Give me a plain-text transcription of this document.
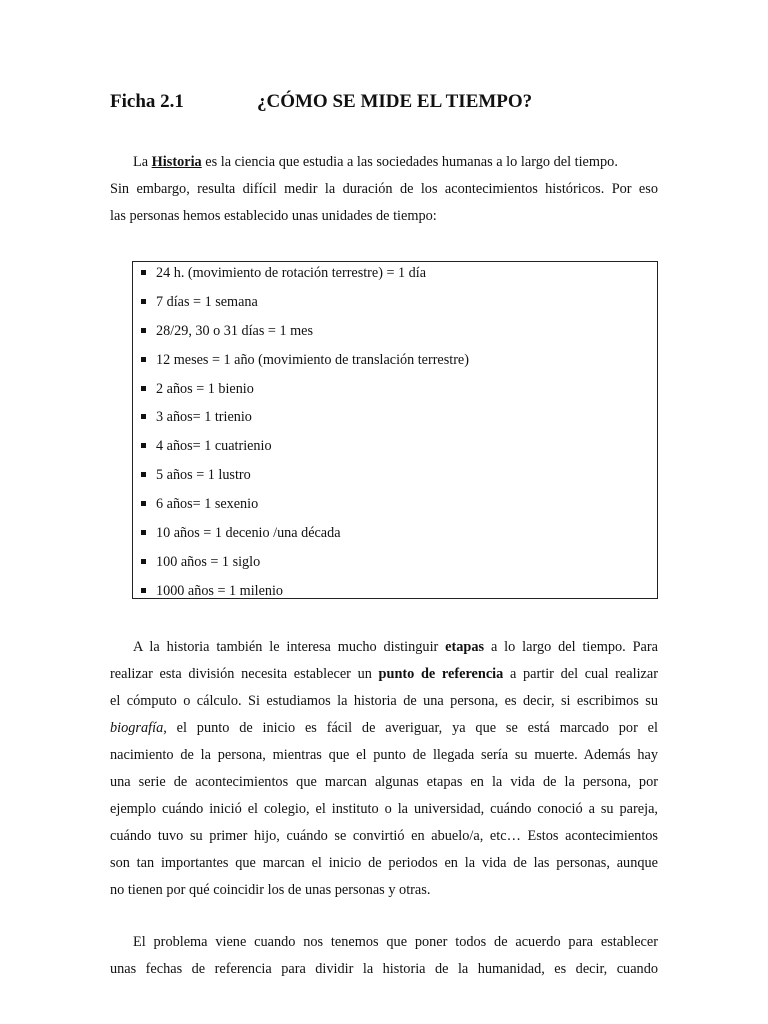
Ficha 2.1	¿CÓMO SE MIDE EL TIEMPO?
La Historia es la ciencia que estudia a las sociedades humanas a lo largo del tiempo.
Sin embargo, resulta difícil medir la duración de los acontecimientos históricos. Por eso
las personas hemos establecido unas unidades de tiempo:
24 h. (movimiento de rotación terrestre) = 1 día
7 días = 1 semana
28/29, 30 o 31 días = 1 mes
12 meses = 1 año (movimiento de translación terrestre)
2 años = 1 bienio
3 años= 1 trienio
4 años= 1 cuatrienio
5 años = 1 lustro
6 años= 1 sexenio
10 años = 1 decenio /una década
100 años = 1 siglo
1000 años = 1 milenio
A la historia también le interesa mucho distinguir etapas a lo largo del tiempo. Para
realizar esta división necesita establecer un punto de referencia a partir del cual realizar
el cómputo o cálculo. Si estudiamos la historia de una persona, es decir, si escribimos su
biografía, el punto de inicio es fácil de averiguar, ya que se está marcado por el
nacimiento de la persona, mientras que el punto de llegada sería su muerte. Además hay
una serie de acontecimientos que marcan algunas etapas en la vida de la persona, por
ejemplo cuándo inició el colegio, el instituto o la universidad, cuándo conoció a su pareja,
cuándo tuvo su primer hijo, cuándo se convirtió en abuelo/a, etc… Estos acontecimientos
son tan importantes que marcan el inicio de periodos en la vida de las personas, aunque
no tienen por qué coincidir los de unas personas y otras.
El problema viene cuando nos tenemos que poner todos de acuerdo para establecer
unas fechas de referencia para dividir la historia de la humanidad, es decir, cuando
